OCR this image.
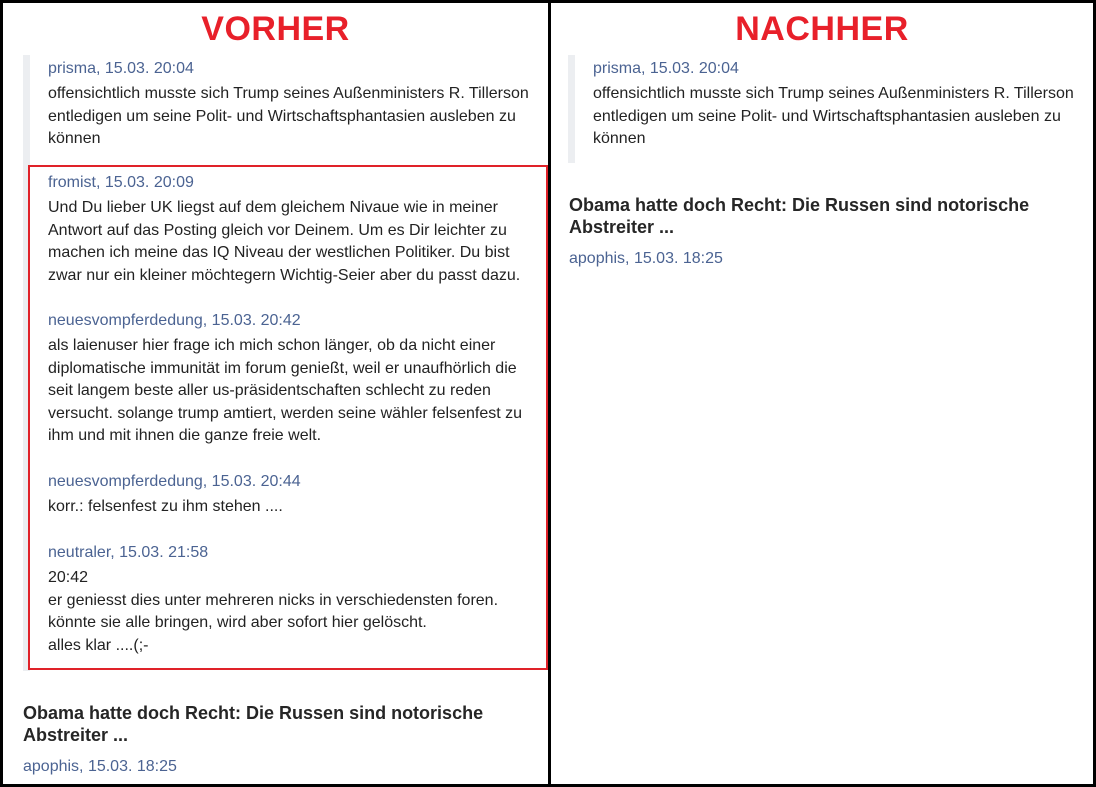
VORHER
prisma, 15.03. 20:04

offensichtlich musste sich Trump seines Außenministers R. Tillerson
entledigen um seine Polit- und Wirtschaftsphantasien ausleben zu
können

fromist, 15.03. 20:09

Und Du lieber UK liegst auf dem gleichem Nivaue wie in meiner
Antwort auf das Posting gleich vor Deinem. Um es Dir leichter zu
machen ich meine das IQ Niveau der westlichen Politiker. Du bist
zwar nur ein kleiner möchtegern Wichtig-Seier aber du passt dazu.

neuesvompferdedung, 15.03. 20:42

als laienuser hier frage ich mich schon länger, ob da nicht einer
diplomatische immunität im forum genießt, weil er unaufhörlich die
seit langem beste aller us-präsidentschaften schlecht zu reden
versucht. solange trump amtiert, werden seine wähler felsenfest zu
ihm und mit ihnen die ganze freie welt.

neuesvompferdedung, 15.03. 20:44

korr.: felsenfest zu ihm stehen ....

neutraler, 15.03. 21:58

20:42
er geniesst dies unter mehreren nicks in verschiedensten foren.
könnte sie alle bringen, wird aber sofort hier gelöscht.
alles klar ....(;-

Obama hatte doch Recht: Die Russen sind notorische
Abstreiter ...
apophis, 15.03. 18:25
NACHHER
prisma, 15.03. 20:04

offensichtlich musste sich Trump seines Außenministers R. Tillerson
entledigen um seine Polit- und Wirtschaftsphantasien ausleben zu
können

Obama hatte doch Recht: Die Russen sind notorische
Abstreiter ...
apophis, 15.03. 18:25
